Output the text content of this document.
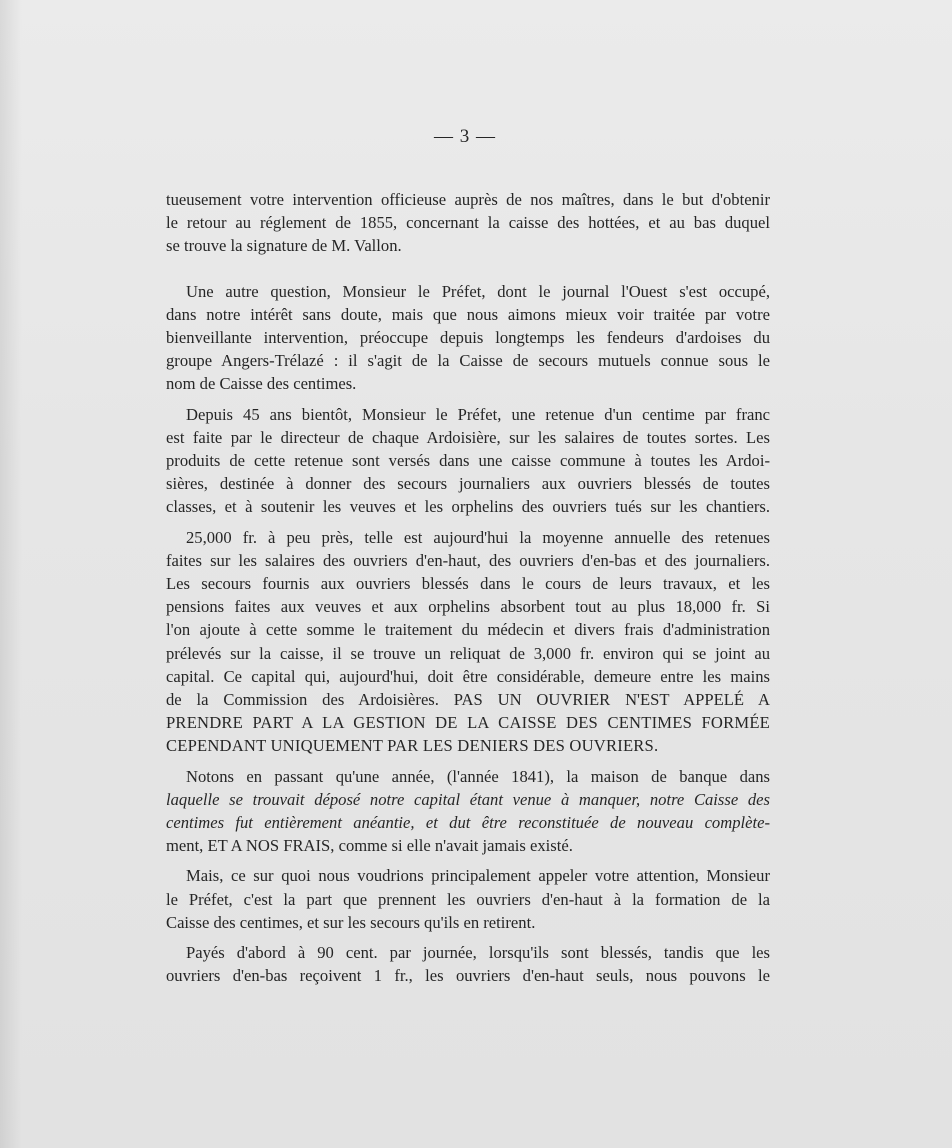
— 3 —
tueusement votre intervention officieuse auprès de nos maîtres, dans le but d'obtenir
le retour au réglement de 1855, concernant la caisse des hottées, et au bas duquel
se trouve la signature de M. Vallon.
Une autre question, Monsieur le Préfet, dont le journal l'Ouest s'est occupé,
dans notre intérêt sans doute, mais que nous aimons mieux voir traitée par votre
bienveillante intervention, préoccupe depuis longtemps les fendeurs d'ardoises du
groupe Angers-Trélazé : il s'agit de la Caisse de secours mutuels connue sous le
nom de Caisse des centimes.
Depuis 45 ans bientôt, Monsieur le Préfet, une retenue d'un centime par franc
est faite par le directeur de chaque Ardoisière, sur les salaires de toutes sortes. Les
produits de cette retenue sont versés dans une caisse commune à toutes les Ardoi-
sières, destinée à donner des secours journaliers aux ouvriers blessés de toutes
classes, et à soutenir les veuves et les orphelins des ouvriers tués sur les chantiers.
25,000 fr. à peu près, telle est aujourd'hui la moyenne annuelle des retenues
faites sur les salaires des ouvriers d'en-haut, des ouvriers d'en-bas et des journaliers.
Les secours fournis aux ouvriers blessés dans le cours de leurs travaux, et les
pensions faites aux veuves et aux orphelins absorbent tout au plus 18,000 fr. Si
l'on ajoute à cette somme le traitement du médecin et divers frais d'administration
prélevés sur la caisse, il se trouve un reliquat de 3,000 fr. environ qui se joint au
capital. Ce capital qui, aujourd'hui, doit être considérable, demeure entre les mains
de la Commission des Ardoisières. PAS UN OUVRIER N'EST APPELÉ A
PRENDRE PART A LA GESTION DE LA CAISSE DES CENTIMES FORMÉE
CEPENDANT UNIQUEMENT PAR LES DENIERS DES OUVRIERS.
Notons en passant qu'une année, (l'année 1841), la maison de banque dans
laquelle se trouvait déposé notre capital étant venue à manquer, notre Caisse des
centimes fut entièrement anéantie, et dut être reconstituée de nouveau complète-
ment, ET A NOS FRAIS, comme si elle n'avait jamais existé.
Mais, ce sur quoi nous voudrions principalement appeler votre attention, Monsieur
le Préfet, c'est la part que prennent les ouvriers d'en-haut à la formation de la
Caisse des centimes, et sur les secours qu'ils en retirent.
Payés d'abord à 90 cent. par journée, lorsqu'ils sont blessés, tandis que les
ouvriers d'en-bas reçoivent 1 fr., les ouvriers d'en-haut seuls, nous pouvons le
